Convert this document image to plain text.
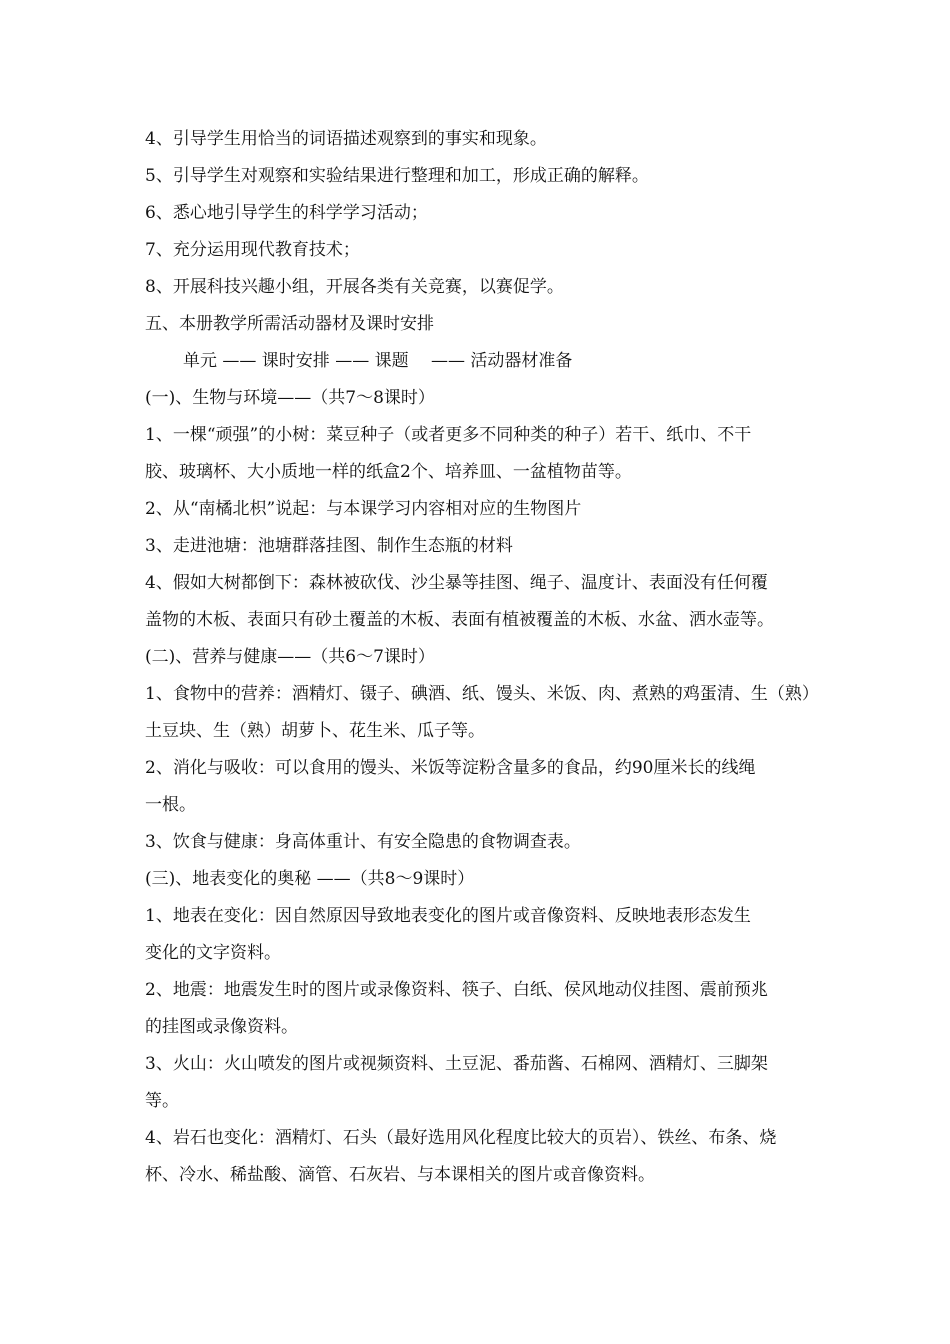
4、引导学生用恰当的词语描述观察到的事实和现象。

5、引导学生对观察和实验结果进行整理和加工，形成正确的解释。

6、悉心地引导学生的科学学习活动；

7、充分运用现代教育技术；

8、开展科技兴趣小组，开展各类有关竞赛，以赛促学。

五、本册教学所需活动器材及课时安排

单元 —— 课时安排 —— 课题　 —— 活动器材准备

(一)、生物与环境——（共7～8课时）

1、一棵“顽强”的小树：菜豆种子（或者更多不同种类的种子）若干、纸巾、不干

胶、玻璃杯、大小质地一样的纸盒2个、培养皿、一盆植物苗等。

2、从“南橘北枳”说起：与本课学习内容相对应的生物图片

3、走进池塘：池塘群落挂图、制作生态瓶的材料

4、假如大树都倒下：森林被砍伐、沙尘暴等挂图、绳子、温度计、表面没有任何覆

盖物的木板、表面只有砂土覆盖的木板、表面有植被覆盖的木板、水盆、洒水壶等。

(二)、营养与健康——（共6～7课时）

1、食物中的营养：酒精灯、镊子、碘酒、纸、馒头、米饭、肉、煮熟的鸡蛋清、生（熟）

土豆块、生（熟）胡萝卜、花生米、瓜子等。

2、消化与吸收：可以食用的馒头、米饭等淀粉含量多的食品，约90厘米长的线绳

一根。

3、饮食与健康：身高体重计、有安全隐患的食物调查表。

(三)、地表变化的奥秘 ——（共8～9课时）

1、地表在变化：因自然原因导致地表变化的图片或音像资料、反映地表形态发生

变化的文字资料。

2、地震：地震发生时的图片或录像资料、筷子、白纸、侯风地动仪挂图、震前预兆

的挂图或录像资料。

3、火山：火山喷发的图片或视频资料、土豆泥、番茄酱、石棉网、酒精灯、三脚架

等。

4、岩石也变化：酒精灯、石头（最好选用风化程度比较大的页岩）、铁丝、布条、烧

杯、冷水、稀盐酸、滴管、石灰岩、与本课相关的图片或音像资料。
